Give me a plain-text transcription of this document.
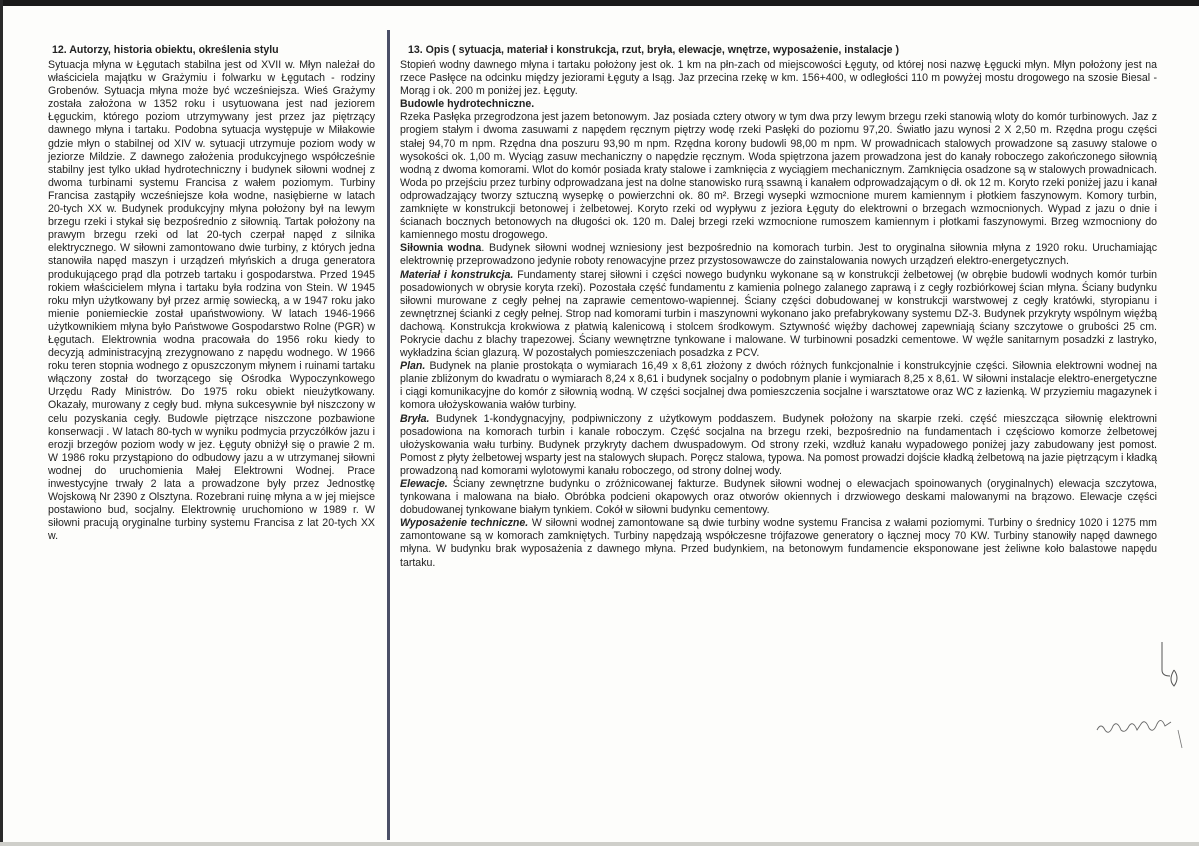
12. Autorzy, historia obiektu, określenia stylu

Sytuacja młyna w Łęgutach stabilna jest od XVII w. Młyn należał do właściciela majątku w Grażymiu i folwarku w Łęgutach - rodziny Grobenów. Sytuacja młyna może być wcześniejsza. Wieś Grażymy została założona w 1352 roku i usytuowana jest nad jeziorem Łęguckim, którego poziom utrzymywany jest przez jaz piętrzący dawnego młyna i tartaku. Podobna sytuacja występuje w Miłakowie gdzie młyn o stabilnej od XIV w. sytuacji utrzymuje poziom wody w jeziorze Mildzie. Z dawnego założenia produkcyjnego współcześnie stabilny jest tylko układ hydrotechniczny i budynek siłowni wodnej z dwoma turbinami systemu Francisa z wałem poziomym. Turbiny Francisa zastąpiły wcześniejsze koła wodne, nasiębierne w latach 20-tych XX w. Budynek produkcyjny młyna położony był na lewym brzegu rzeki i stykał się bezpośrednio z siłownią. Tartak położony na prawym brzegu rzeki od lat 20-tych czerpał napęd z silnika elektrycznego. W siłowni zamontowano dwie turbiny, z których jedna stanowiła napęd maszyn i urządzeń młyńskich a druga generatora produkującego prąd dla potrzeb tartaku i gospodarstwa. Przed 1945 rokiem właścicielem młyna i tartaku była rodzina von Stein. W 1945 roku młyn użytkowany był przez armię sowiecką, a w 1947 roku jako mienie poniemieckie został upaństwowiony. W latach 1946-1966 użytkownikiem młyna było Państwowe Gospodarstwo Rolne (PGR) w Łęgutach. Elektrownia wodna pracowała do 1956 roku kiedy to decyzją administracyjną zrezygnowano z napędu wodnego. W 1966 roku teren stopnia wodnego z opuszczonym młynem i ruinami tartaku włączony został do tworzącego się Ośrodka Wypoczynkowego Urzędu Rady Ministrów. Do 1975 roku obiekt nieużytkowany. Okazały, murowany z cegły bud. młyna sukcesywnie był niszczony w celu pozyskania cegły. Budowle piętrzące niszczone pozbawione konserwacji . W latach 80-tych w wyniku podmycia przyczółków jazu i erozji brzegów poziom wody w jez. Łęguty obniżył się o prawie 2 m. W 1986 roku przystąpiono do odbudowy jazu a w utrzymanej siłowni wodnej do uruchomienia Małej Elektrowni Wodnej. Prace inwestycyjne trwały 2 lata a prowadzone były przez Jednostkę Wojskową Nr 2390 z Olsztyna. Rozebrani ruinę młyna a w jej miejsce postawiono bud, socjalny. Elektrownię uruchomiono w 1989 r. W siłowni pracują oryginalne turbiny systemu Francisa z lat 20-tych XX w.

13. Opis ( sytuacja, materiał i konstrukcja, rzut, bryła, elewacje, wnętrze, wyposażenie, instalacje )

Stopień wodny dawnego młyna i tartaku położony jest ok. 1 km na płn-zach od miejscowości Łęguty, od której nosi nazwę Łęgucki młyn. Młyn położony jest na rzece Pasłęce na odcinku między jeziorami Łęguty a Isąg. Jaz przecina rzekę w km. 156+400, w odległości 110 m powyżej mostu drogowego na szosie Biesal - Morąg i ok. 200 m poniżej jez. Łęguty.

Budowle hydrotechniczne.

Rzeka Pasłęka przegrodzona jest jazem betonowym. Jaz posiada cztery otwory w tym dwa przy lewym brzegu rzeki stanowią wloty do komór turbinowych. Jaz z progiem stałym i dwoma zasuwami z napędem ręcznym piętrzy wodę rzeki Pasłęki do poziomu 97,20. Światło jazu wynosi 2 X 2,50 m. Rzędna progu części stałej 94,70 m npm. Rzędna dna poszuru 93,90 m npm. Rzędna korony budowli 98,00 m npm. W prowadnicach stalowych prowadzone są zasuwy stalowe o wysokości ok. 1,00 m. Wyciąg zasuw mechaniczny o napędzie ręcznym. Woda spiętrzona jazem prowadzona jest do kanały roboczego zakończonego siłownią wodną z dwoma komorami. Wlot do komór posiada kraty stalowe i zamknięcia z wyciągiem mechanicznym. Zamknięcia osadzone są w stalowych prowadnicach. Woda po przejściu przez turbiny odprowadzana jest na dolne stanowisko rurą ssawną i kanałem odprowadzającym o dł. ok 12 m. Koryto rzeki poniżej jazu i kanał odprowadzający tworzy sztuczną wysepkę o powierzchni ok. 80 m². Brzegi wysepki wzmocnione murem kamiennym i płotkiem faszynowym. Komory turbin, zamknięte w konstrukcji betonowej i żelbetowej. Koryto rzeki od wypływu z jeziora Łęguty do elektrowni o brzegach wzmocnionych. Wypad z jazu o dnie i ścianach bocznych betonowych na długości ok. 120 m. Dalej brzegi rzeki wzmocnione rumoszem kamiennym i płotkami faszynowymi. Brzeg wzmocniony do kamiennego mostu drogowego.

Siłownia wodna. Budynek siłowni wodnej wzniesiony jest bezpośrednio na komorach turbin. Jest to oryginalna siłownia młyna z 1920 roku. Uruchamiając elektrownię przeprowadzono jedynie roboty renowacyjne przez przystosowawcze do zainstalowania nowych urządzeń elektro-energetycznych.

Materiał i konstrukcja. Fundamenty starej siłowni i części nowego budynku wykonane są w konstrukcji żelbetowej (w obrębie budowli wodnych komór turbin posadowionych w obrysie koryta rzeki). Pozostała część fundamentu z kamienia polnego zalanego zaprawą i z cegły rozbiórkowej ścian młyna. Ściany budynku siłowni murowane z cegły pełnej na zaprawie cementowo-wapiennej. Ściany części dobudowanej w konstrukcji warstwowej z cegły kratówki, styropianu i zewnętrznej ścianki z cegły pełnej. Strop nad komorami turbin i maszynowni wykonano jako prefabrykowany systemu DZ-3. Budynek przykryty wspólnym więźbą dachową. Konstrukcja krokwiowa z płatwią kalenicową i stolcem środkowym. Sztywność więźby dachowej zapewniają ściany szczytowe o grubości 25 cm. Pokrycie dachu z blachy trapezowej. Ściany wewnętrzne tynkowane i malowane. W turbinowni posadzki cementowe. W węźle sanitarnym posadzki z lastryko, wykładzina ścian glazurą. W pozostałych pomieszczeniach posadzka z PCV.

Plan. Budynek na planie prostokąta o wymiarach 16,49 x 8,61 złożony z dwóch różnych funkcjonalnie i konstrukcyjnie części. Siłownia elektrowni wodnej na planie zbliżonym do kwadratu o wymiarach 8,24 x 8,61 i budynek socjalny o podobnym planie i wymiarach 8,25 x 8,61. W siłowni instalacje elektro-energetyczne i ciągi komunikacyjne do komór z siłownią wodną. W części socjalnej dwa pomieszczenia socjalne i warsztatowe oraz WC z łazienką. W przyziemiu magazynek i komora ułożyskowania wałów turbiny.

Bryła. Budynek 1-kondygnacyjny, podpiwniczony z użytkowym poddaszem. Budynek położony na skarpie rzeki. część mieszcząca siłownię elektrowni posadowiona na komorach turbin i kanale roboczym. Część socjalna na brzegu rzeki, bezpośrednio na fundamentach i częściowo komorze żelbetowej ułożyskowania wału turbiny. Budynek przykryty dachem dwuspadowym. Od strony rzeki, wzdłuż kanału wypadowego poniżej jazy zabudowany jest pomost. Pomost z płyty żelbetowej wsparty jest na stalowych słupach. Poręcz stalowa, typowa. Na pomost prowadzi dojście kładką żelbetową na jazie piętrzącym i kładką prowadzoną nad komorami wylotowymi kanału roboczego, od strony dolnej wody.

Elewacje. Ściany zewnętrzne budynku o zróżnicowanej fakturze. Budynek siłowni wodnej o elewacjach spoinowanych (oryginalnych) elewacja szczytowa, tynkowana i malowana na biało. Obróbka podcieni okapowych oraz otworów okiennych i drzwiowego deskami malowanymi na brązowo. Elewacje części dobudowanej tynkowane białym tynkiem. Cokół w siłowni budynku cementowy.

Wyposażenie techniczne. W siłowni wodnej zamontowane są dwie turbiny wodne systemu Francisa z wałami poziomymi. Turbiny o średnicy 1020 i 1275 mm zamontowane są w komorach zamkniętych. Turbiny napędzają współczesne trójfazowe generatory o łącznej mocy 70 KW. Turbiny stanowiły napęd dawnego młyna. W budynku brak wyposażenia z dawnego młyna. Przed budynkiem, na betonowym fundamencie eksponowane jest żeliwne koło balastowe napędu tartaku.
